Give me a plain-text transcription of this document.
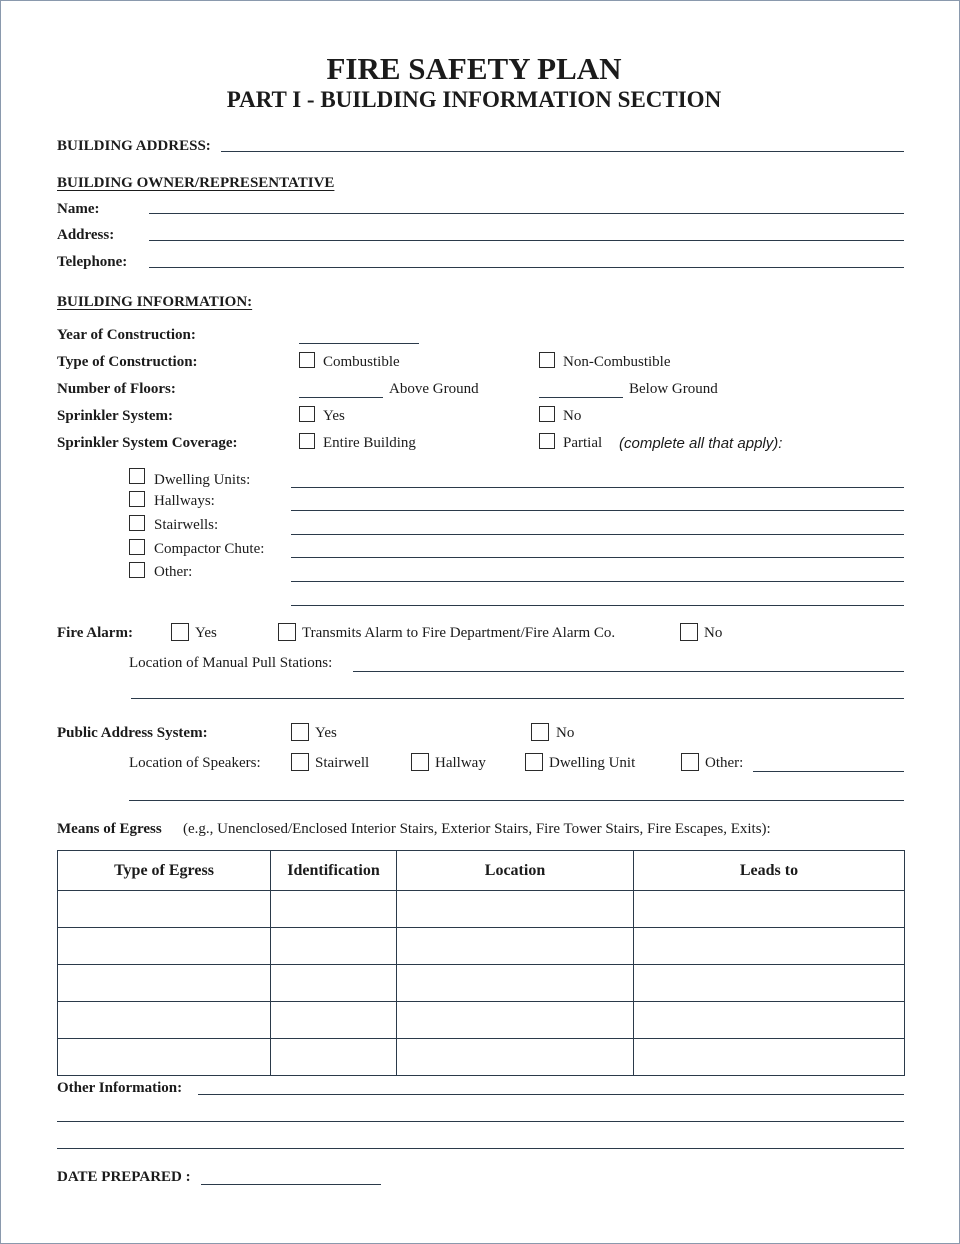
FIRE SAFETY PLAN
PART I - BUILDING INFORMATION SECTION
BUILDING ADDRESS:
BUILDING OWNER/REPRESENTATIVE
Name:
Address:
Telephone:
BUILDING INFORMATION:
Year of Construction:
Type of Construction:	Combustible	Non-Combustible
Number of Floors:	Above Ground	Below Ground
Sprinkler System:	Yes	No
Sprinkler System Coverage:	Entire Building	Partial (complete all that apply):
Dwelling Units:
Hallways:
Stairwells:
Compactor Chute:
Other:
Fire Alarm:	Yes	Transmits Alarm to Fire Department/Fire Alarm Co.	No
Location of Manual Pull Stations:
Public Address System:	Yes	No
Location of Speakers:	Stairwell	Hallway	Dwelling Unit	Other:
Means of Egress (e.g., Unenclosed/Enclosed Interior Stairs, Exterior Stairs, Fire Tower Stairs, Fire Escapes, Exits):
Type of Egress	Identification	Location	Leads to

Other Information:
DATE PREPARED :
